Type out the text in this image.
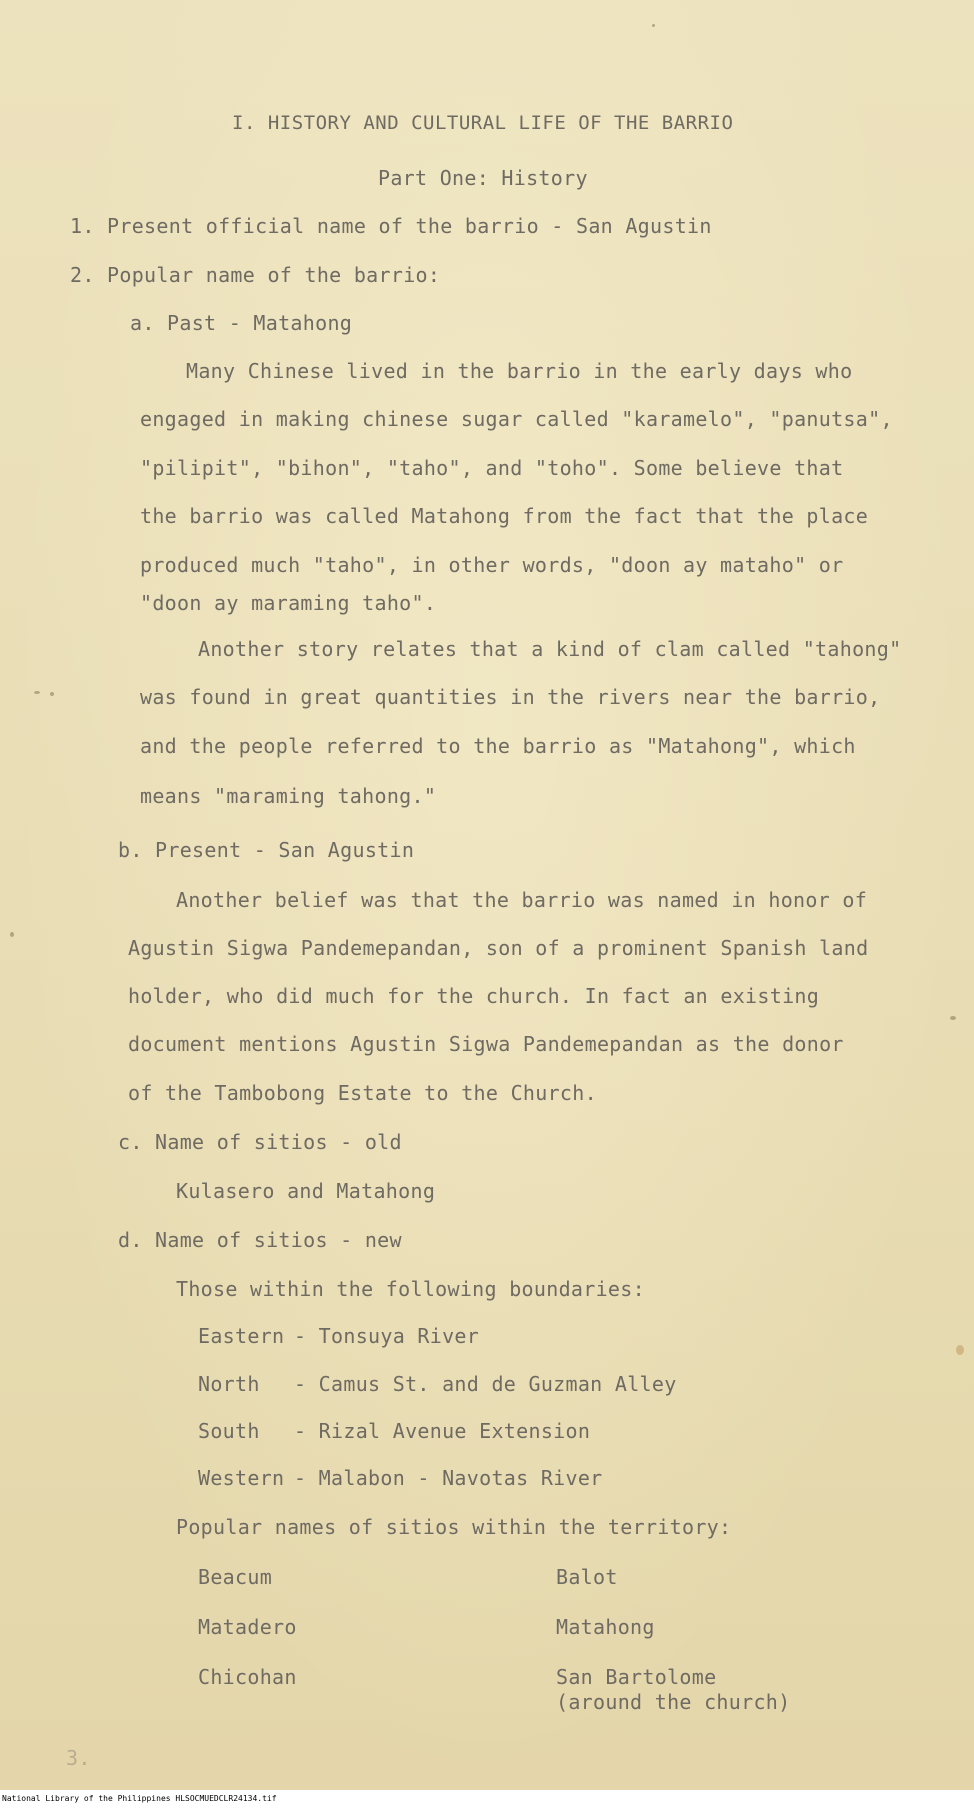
I. HISTORY AND CULTURAL LIFE OF THE BARRIO
Part One: History
1. Present official name of the barrio - San Agustin
2. Popular name of the barrio:
a. Past - Matahong
Many Chinese lived in the barrio in the early days who
engaged in making chinese sugar called "karamelo", "panutsa",
"pilipit", "bihon", "taho", and "toho". Some believe that
the barrio was called Matahong from the fact that the place
produced much "taho", in other words, "doon ay mataho" or
"doon ay maraming taho".
Another story relates that a kind of clam called "tahong"
was found in great quantities in the rivers near the barrio,
and the people referred to the barrio as "Matahong", which
means "maraming tahong."
b. Present - San Agustin
Another belief was that the barrio was named in honor of
Agustin Sigwa Pandemepandan, son of a prominent Spanish land
holder, who did much for the church. In fact an existing
document mentions Agustin Sigwa Pandemepandan as the donor
of the Tambobong Estate to the Church.
c. Name of sitios - old
Kulasero and Matahong
d. Name of sitios - new
Those within the following boundaries:
Eastern - Tonsuya River
North - Camus St. and de Guzman Alley
South - Rizal Avenue Extension
Western - Malabon - Navotas River
Popular names of sitios within the territory:
Beacum	Balot
Matadero	Matahong
Chicohan	San Bartolome
(around the church)
3.
National Library of the Philippines HLSOCMUEDCLR24134.tif
